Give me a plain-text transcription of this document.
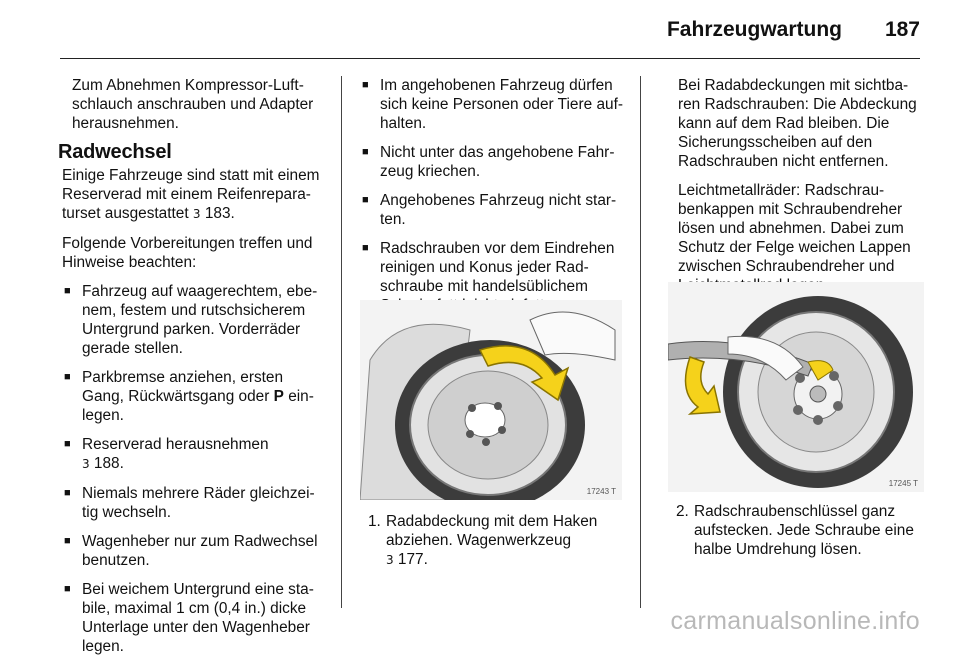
Fahrzeugwartung 187

Zum Abnehmen Kompressor-Luftschlauch anschrauben und Adapter herausnehmen.

Radwechsel

Einige Fahrzeuge sind statt mit einem Reserverad mit einem Reifenreparaturset ausgestattet 3 183.

Folgende Vorbereitungen treffen und Hinweise beachten:

■ Fahrzeug auf waagerechtem, ebenem, festem und rutschsicherem Untergrund parken. Vorderräder gerade stellen.
■ Parkbremse anziehen, ersten Gang, Rückwärtsgang oder P einlegen.
■ Reserverad herausnehmen
3 188.
■ Niemals mehrere Räder gleichzeitig wechseln.
■ Wagenheber nur zum Radwechsel benutzen.
■ Bei weichem Untergrund eine stabile, maximal 1 cm (0,4 in.) dicke Unterlage unter den Wagenheber legen.
■ Im angehobenen Fahrzeug dürfen sich keine Personen oder Tiere aufhalten.
■ Nicht unter das angehobene Fahrzeug kriechen.
■ Angehobenes Fahrzeug nicht starten.
■ Radschrauben vor dem Eindrehen reinigen und Konus jeder Radschraube mit handelsüblichem
17243 T
1. Radabdeckung mit dem Haken abziehen. Wagenwerkzeug
3 177.

Bei Radabdeckungen mit sichtbaren Radschrauben: Die Abdeckung kann auf dem Rad bleiben. Die Sicherungsscheiben auf den Radschrauben nicht entfernen.

Leichtmetallräder: Radschraubenkappen mit Schraubendreher lösen und abnehmen. Dabei zum Schutz der Felge weichen Lappen zwischen Schraubendreher und

17245 T
2. Radschraubenschlüssel ganz aufstecken. Jede Schraube eine halbe Umdrehung lösen.
carmanualsonline.info
